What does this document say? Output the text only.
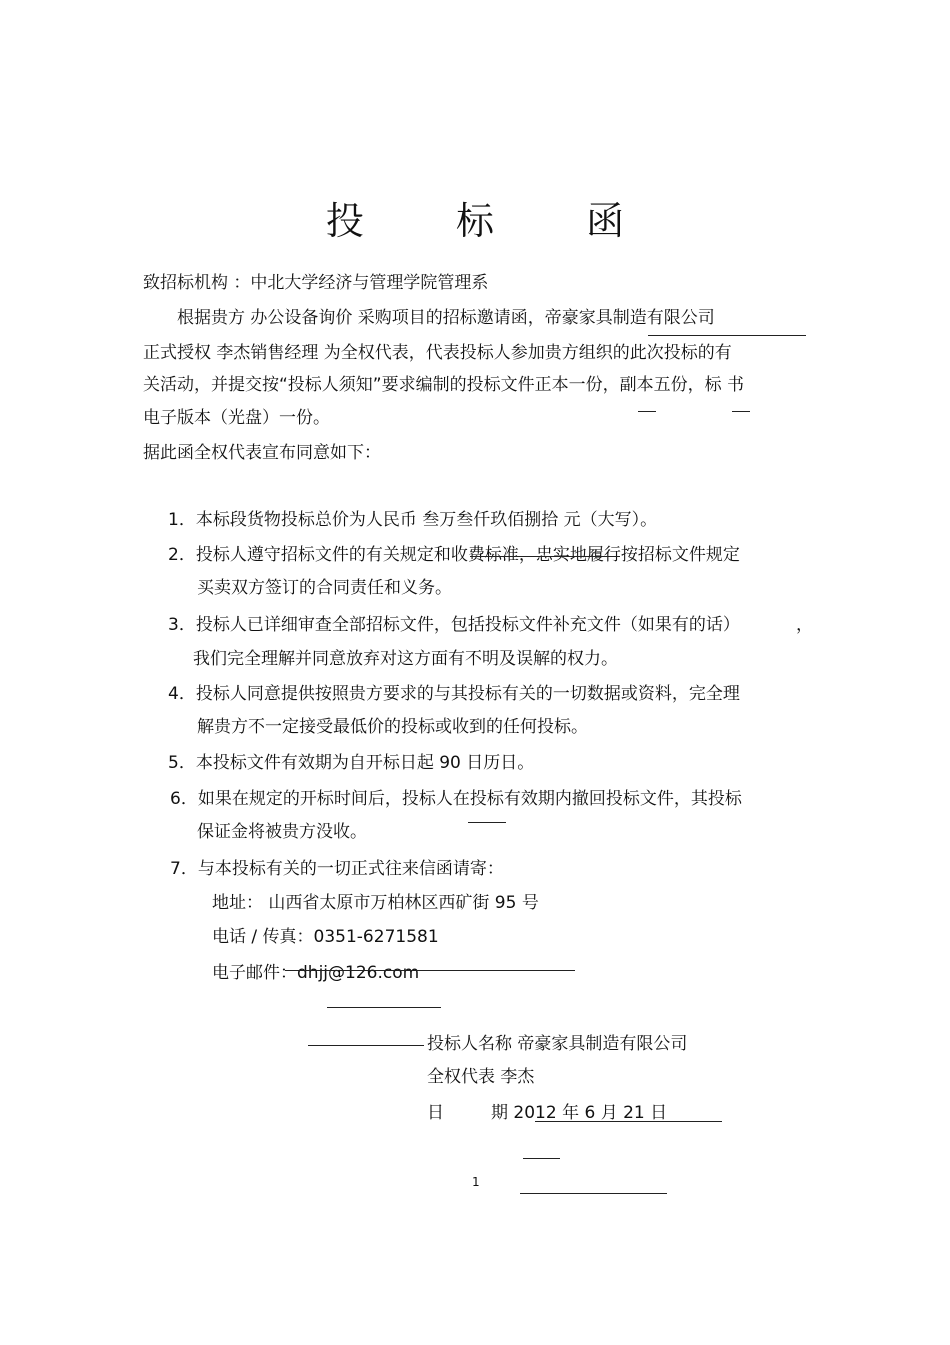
投 标 函
致招标机构 ：中北大学经济与管理学院管理系
根据贵方 办公设备询价 采购项目的招标邀请函，帝豪家具制造有限公司
正式授权 李杰销售经理 为全权代表，代表投标人参加贵方组织的此次投标的有
关活动，并提交按“投标人须知”要求编制的投标文件正本一份，副本五份，标 书
电子版本（光盘）一份。
据此函全权代表宣布同意如下：
1．本标段货物投标总价为人民币 叁万叁仟玖佰捌拾 元（大写）。
2．投标人遵守招标文件的有关规定和收费标准，忠实地履行按招标文件规定
买卖双方签订的合同责任和义务。
3．投标人已详细审查全部招标文件，包括投标文件补充文件（如果有的话）	，
我们完全理解并同意放弃对这方面有不明及误解的权力。
4．投标人同意提供按照贵方要求的与其投标有关的一切数据或资料，完全理
解贵方不一定接受最低价的投标或收到的任何投标。
5．本投标文件有效期为自开标日起 90 日历日。
6．如果在规定的开标时间后，投标人在投标有效期内撤回投标文件，其投标
保证金将被贵方没收。
7．与本投标有关的一切正式往来信函请寄：
地址： 山西省太原市万柏林区西矿街 95 号
电话 / 传真：0351-6271581
电子邮件：dhjj@126.com
投标人名称 帝豪家具制造有限公司
全权代表 李杰
日	期 2012 年 6 月 21 日
1
